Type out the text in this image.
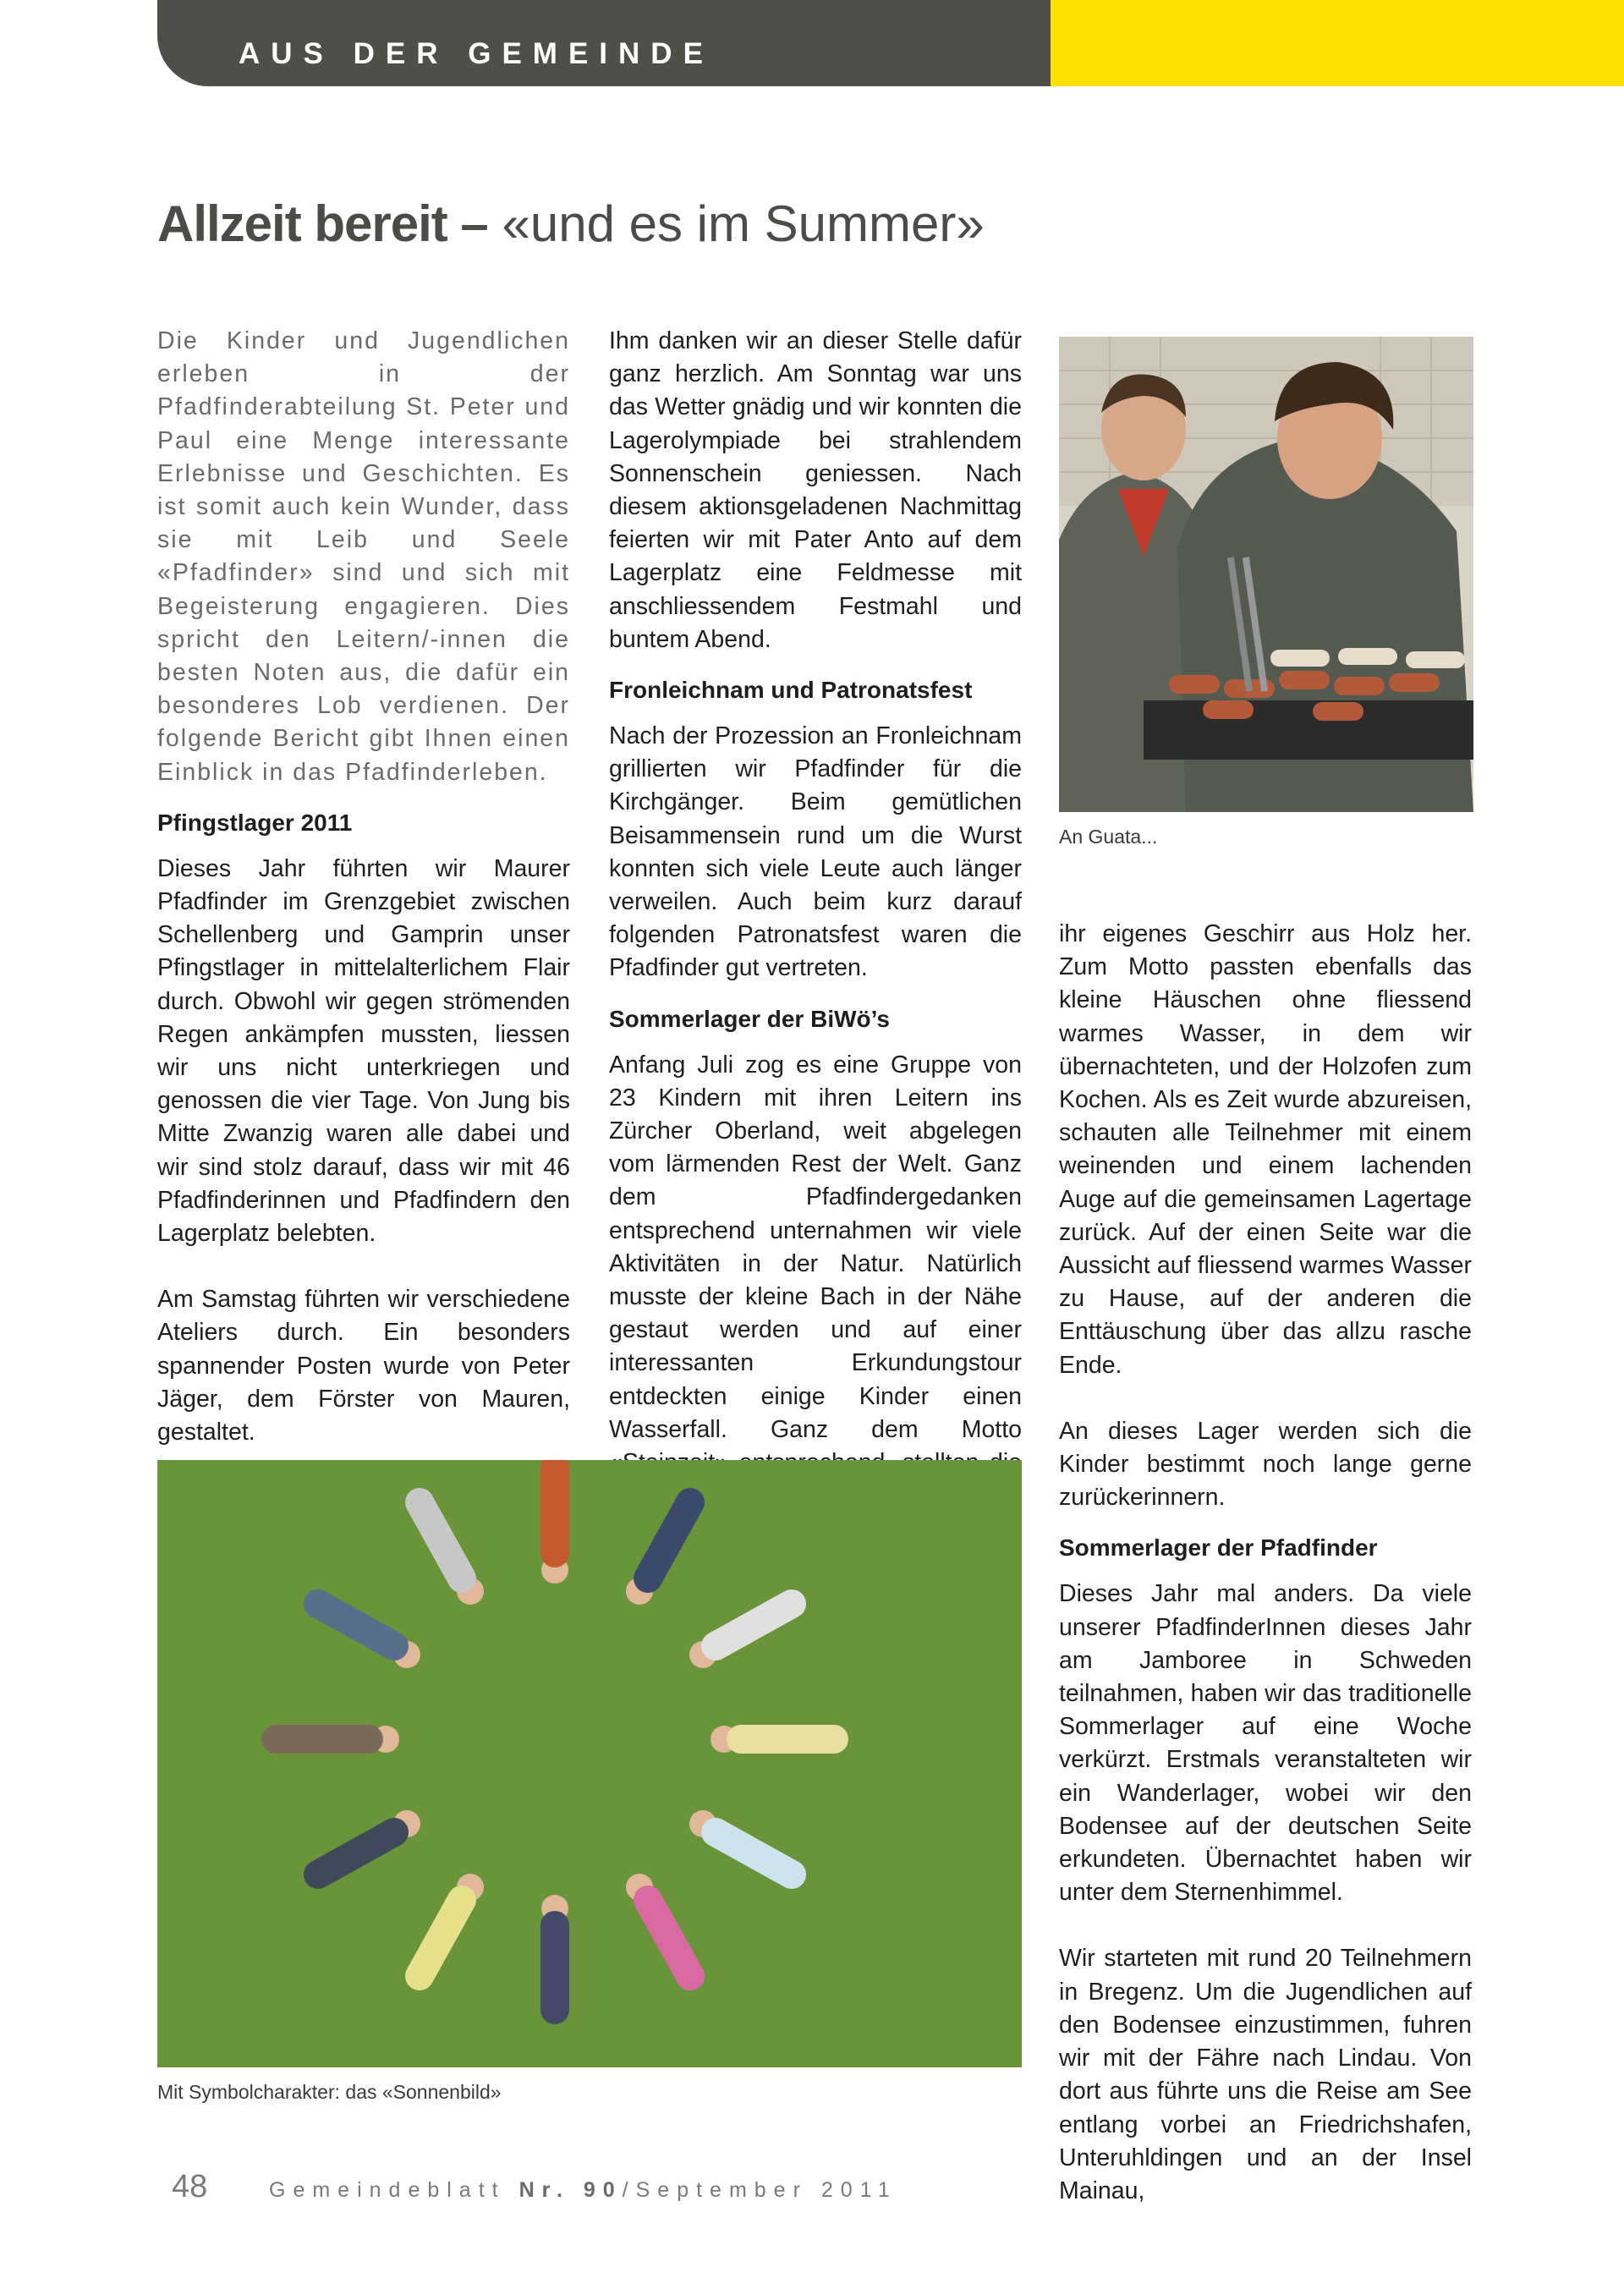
AUS DER GEMEINDE
Allzeit bereit – «und es im Summer»

Die Kinder und Jugendlichen erleben in der Pfadfinderabteilung St. Peter und Paul eine Menge interessante Erlebnisse und Geschichten. Es ist somit auch kein Wunder, dass sie mit Leib und Seele «Pfadfinder» sind und sich mit Begeisterung engagieren. Dies spricht den Leitern/-innen die besten Noten aus, die dafür ein besonderes Lob verdienen. Der folgende Bericht gibt Ihnen einen Einblick in das Pfadfinderleben.

Pfingstlager 2011

Dieses Jahr führten wir Maurer Pfadfinder im Grenzgebiet zwischen Schellenberg und Gamprin unser Pfingstlager in mittelalterlichem Flair durch. Obwohl wir gegen strömenden Regen ankämpfen mussten, liessen wir uns nicht unterkriegen und genossen die vier Tage. Von Jung bis Mitte Zwanzig waren alle dabei und wir sind stolz darauf, dass wir mit 46 Pfadfinderinnen und Pfadfindern den Lagerplatz belebten.

Am Samstag führten wir verschiedene Ateliers durch. Ein besonders spannender Posten wurde von Peter Jäger, dem Förster von Mauren, gestaltet.

Ihm danken wir an dieser Stelle dafür ganz herzlich. Am Sonntag war uns das Wetter gnädig und wir konnten die Lagerolympiade bei strahlendem Sonnenschein geniessen. Nach diesem aktionsgeladenen Nachmittag feierten wir mit Pater Anto auf dem Lagerplatz eine Feldmesse mit anschliessendem Festmahl und buntem Abend.

Fronleichnam und Patronatsfest

Nach der Prozession an Fronleichnam grillierten wir Pfadfinder für die Kirchgänger. Beim gemütlichen Beisammensein rund um die Wurst konnten sich viele Leute auch länger verweilen. Auch beim kurz darauf folgenden Patronatsfest waren die Pfadfinder gut vertreten.

Sommerlager der BiWö’s

Anfang Juli zog es eine Gruppe von 23 Kindern mit ihren Leitern ins Zürcher Oberland, weit abgelegen vom lärmenden Rest der Welt. Ganz dem Pfadfindergedanken entsprechend unternahmen wir viele Aktivitäten in der Natur. Natürlich musste der kleine Bach in der Nähe gestaut werden und auf einer interessanten Erkundungstour entdeckten einige Kinder einen Wasserfall. Ganz dem Motto

ihr eigenes Geschirr aus Holz her. Zum Motto passten ebenfalls das kleine Häuschen ohne fliessend warmes Wasser, in dem wir übernachteten, und der Holzofen zum Kochen. Als es Zeit wurde abzureisen, schauten alle Teilnehmer mit einem weinenden und einem lachenden Auge auf die gemeinsamen Lagertage zurück. Auf der einen Seite war die Aussicht auf fliessend warmes Wasser zu Hause, auf der anderen die Enttäuschung über das allzu rasche Ende.

An dieses Lager werden sich die Kinder bestimmt noch lange gerne zurückerinnern.

Sommerlager der Pfadfinder

Dieses Jahr mal anders. Da viele unserer PfadfinderInnen dieses Jahr am Jamboree in Schweden teilnahmen, haben wir das traditionelle Sommerlager auf eine Woche verkürzt. Erstmals veranstalteten wir ein Wanderlager, wobei wir den Bodensee auf der deutschen Seite erkundeten. Übernachtet haben wir unter dem Sternenhimmel.

Wir starteten mit rund 20 Teilnehmern in Bregenz. Um die Jugendlichen auf den Bodensee einzustimmen, fuhren wir mit der Fähre nach Lindau. Von dort aus führte uns die Reise am See entlang vorbei an Friedrichshafen, Unteruhldingen und an der Insel Mainau,

An Guata...
Mit Symbolcharakter: das «Sonnenbild»
48	Gemeindeblatt Nr. 90/September 2011
